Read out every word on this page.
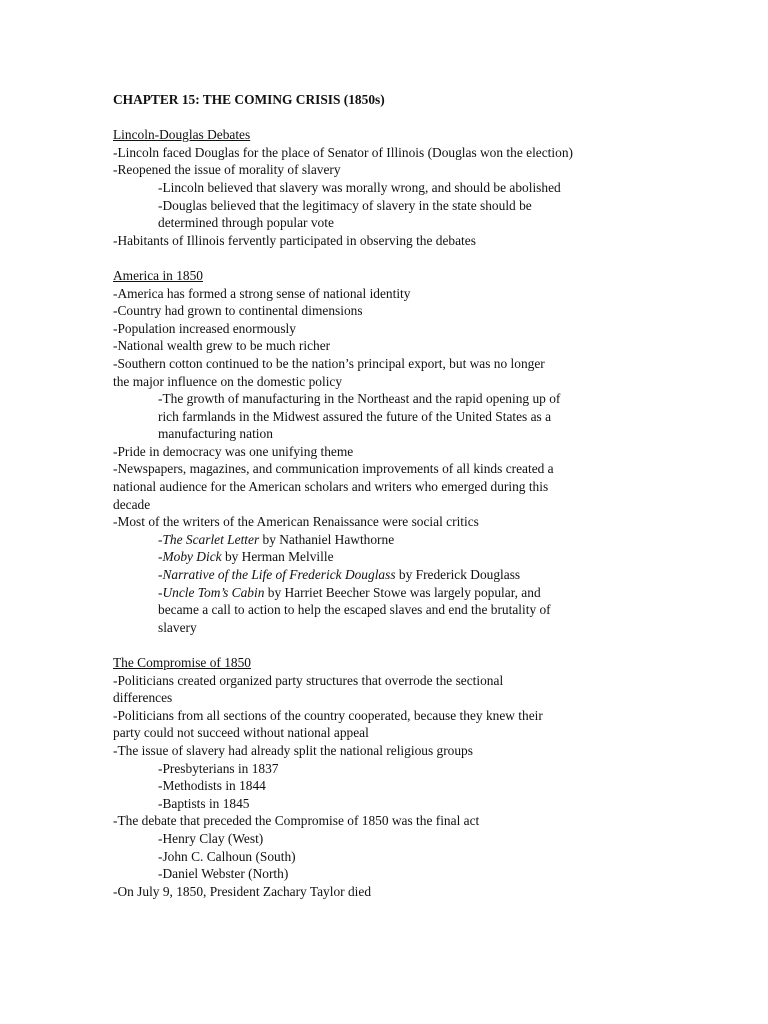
CHAPTER 15: THE COMING CRISIS (1850s)
Lincoln-Douglas Debates
-Lincoln faced Douglas for the place of Senator of Illinois (Douglas won the election)
-Reopened the issue of morality of slavery
-Lincoln believed that slavery was morally wrong, and should be abolished
-Douglas believed that the legitimacy of slavery in the state should be
determined through popular vote
-Habitants of Illinois fervently participated in observing the debates
America in 1850
-America has formed a strong sense of national identity
-Country had grown to continental dimensions
-Population increased enormously
-National wealth grew to be much richer
-Southern cotton continued to be the nation’s principal export, but was no longer
the major influence on the domestic policy
-The growth of manufacturing in the Northeast and the rapid opening up of
rich farmlands in the Midwest assured the future of the United States as a
manufacturing nation
-Pride in democracy was one unifying theme
-Newspapers, magazines, and communication improvements of all kinds created a
national audience for the American scholars and writers who emerged during this
decade
-Most of the writers of the American Renaissance were social critics
-The Scarlet Letter by Nathaniel Hawthorne
-Moby Dick by Herman Melville
-Narrative of the Life of Frederick Douglass by Frederick Douglass
-Uncle Tom’s Cabin by Harriet Beecher Stowe was largely popular, and
became a call to action to help the escaped slaves and end the brutality of
slavery
The Compromise of 1850
-Politicians created organized party structures that overrode the sectional
differences
-Politicians from all sections of the country cooperated, because they knew their
party could not succeed without national appeal
-The issue of slavery had already split the national religious groups
-Presbyterians in 1837
-Methodists in 1844
-Baptists in 1845
-The debate that preceded the Compromise of 1850 was the final act
-Henry Clay (West)
-John C. Calhoun (South)
-Daniel Webster (North)
-On July 9, 1850, President Zachary Taylor died
